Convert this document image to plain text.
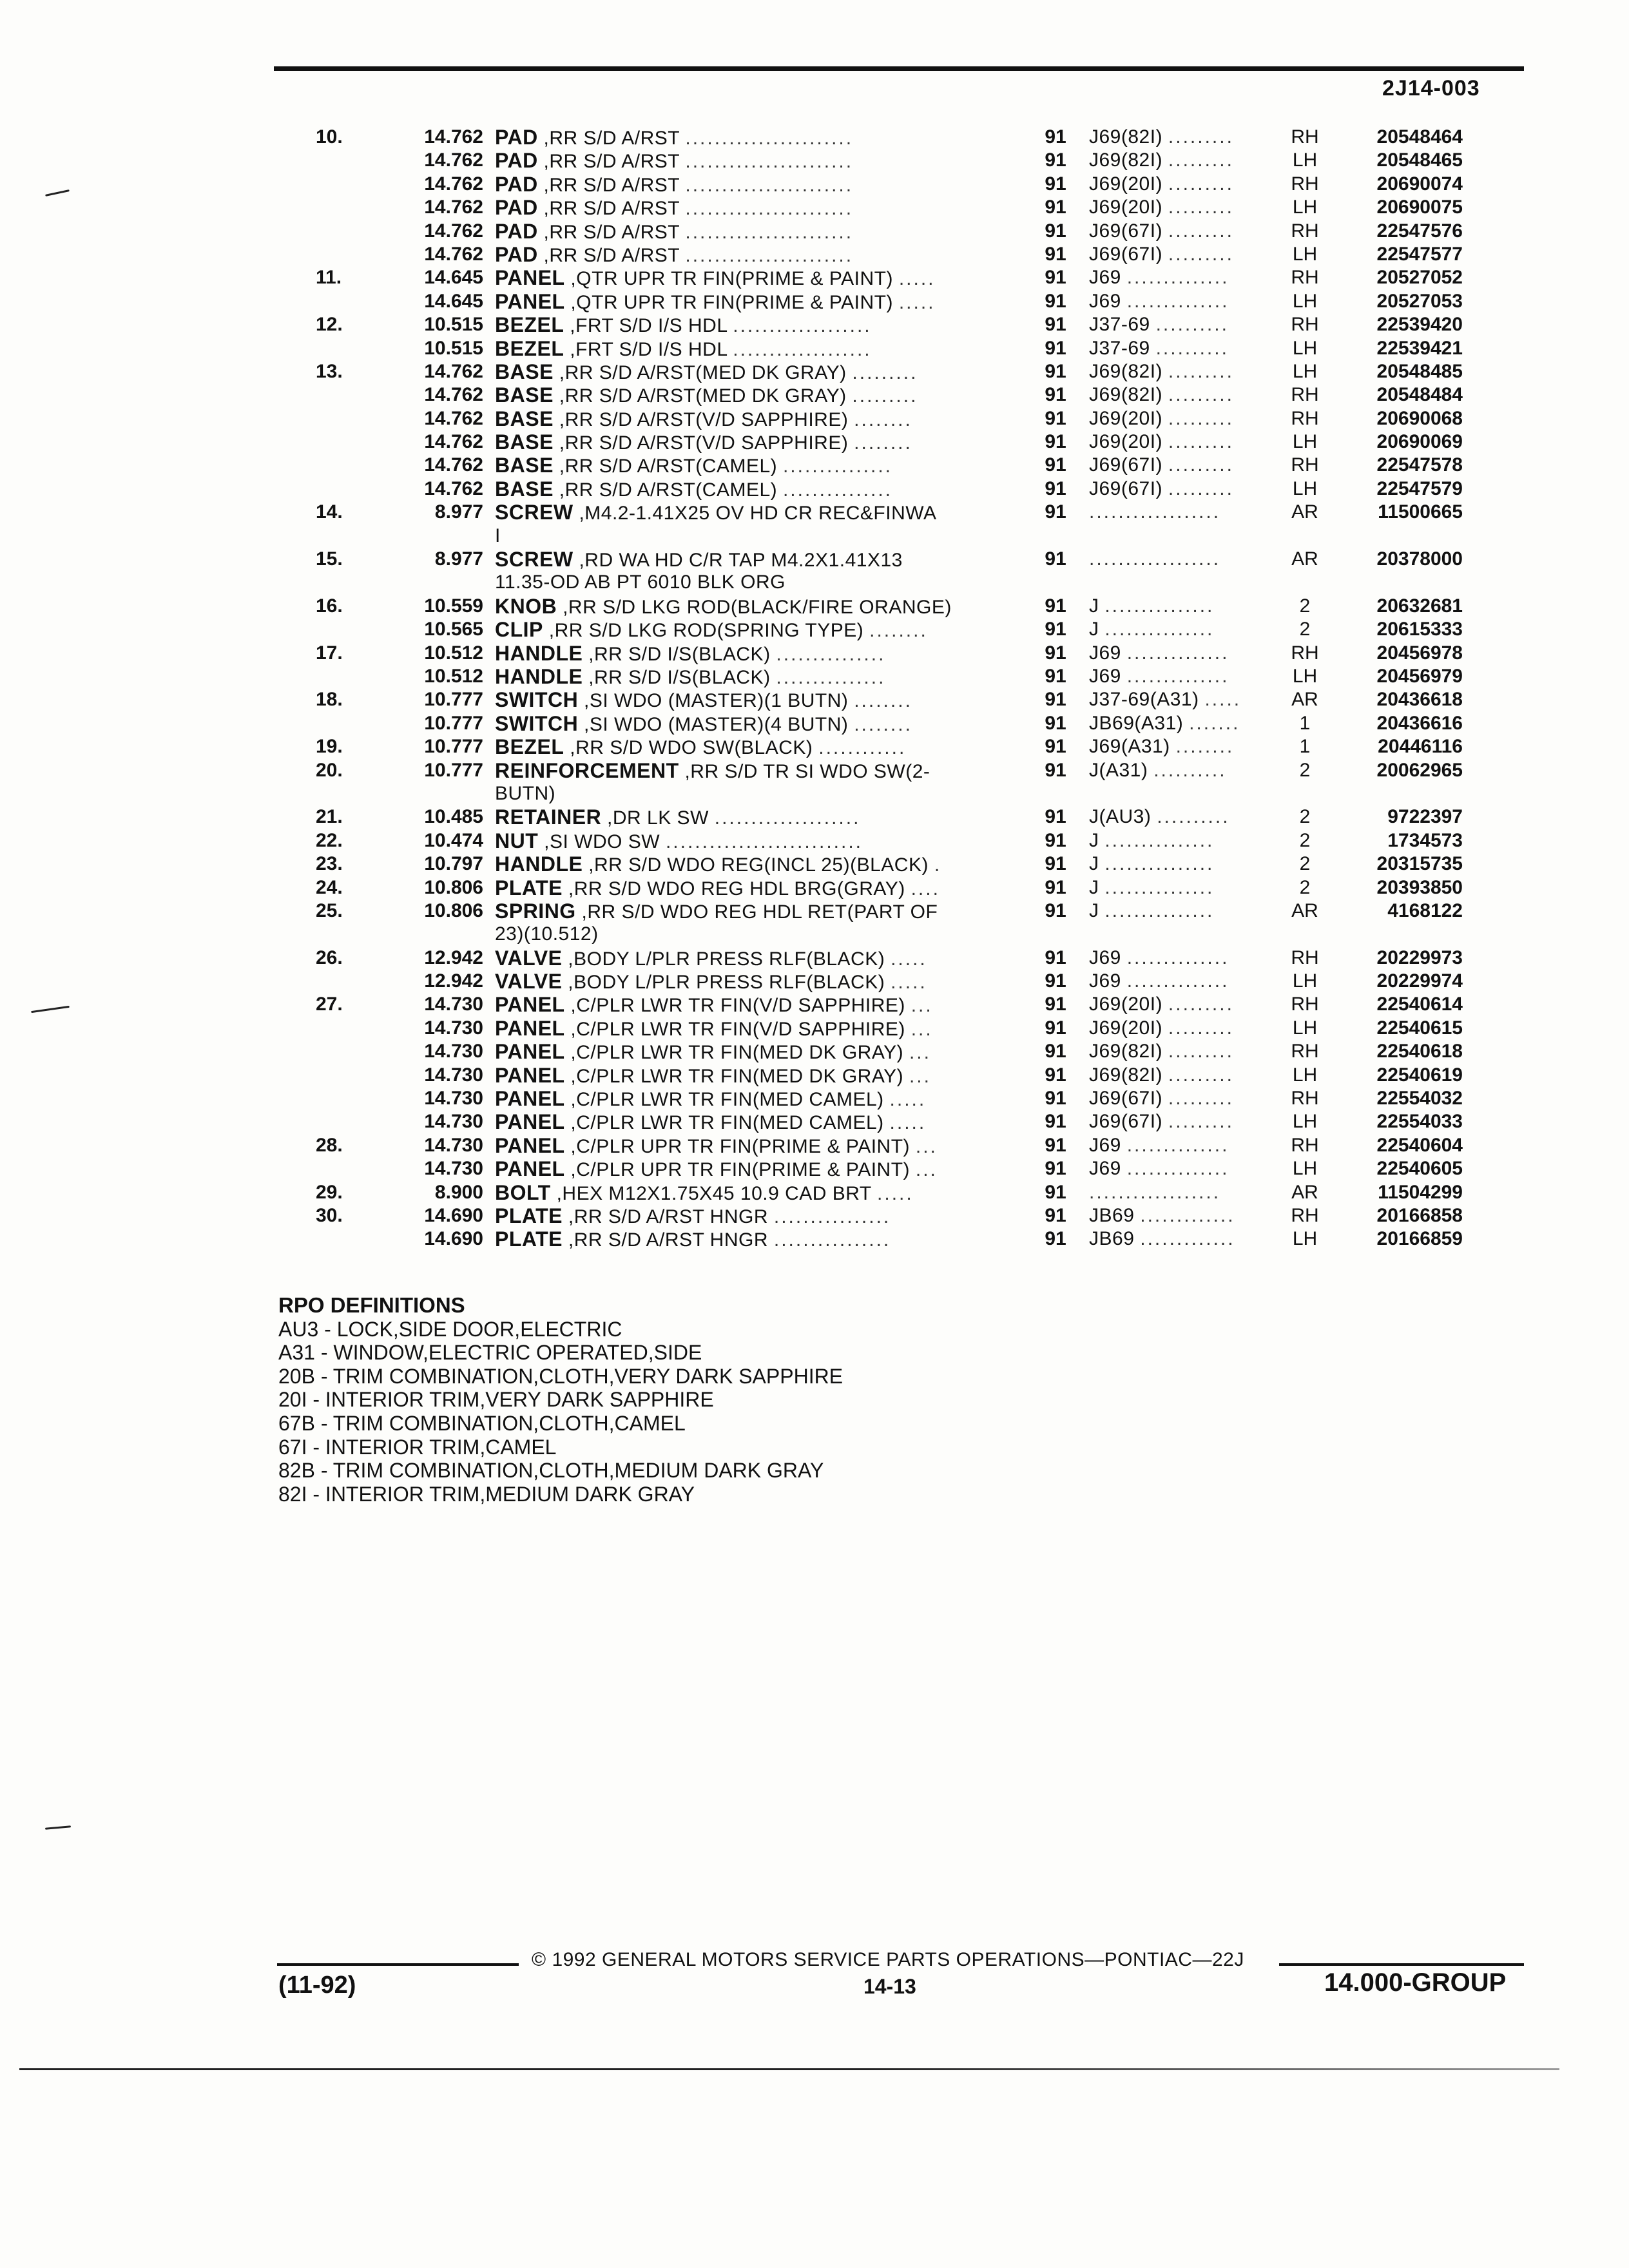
2J14-003
10.	14.762	PAD ,RR S/D A/RST .......................	91	J69(82I) .........	RH	20548464
	14.762	PAD ,RR S/D A/RST .......................	91	J69(82I) .........	LH	20548465
	14.762	PAD ,RR S/D A/RST .......................	91	J69(20I) .........	RH	20690074
	14.762	PAD ,RR S/D A/RST .......................	91	J69(20I) .........	LH	20690075
	14.762	PAD ,RR S/D A/RST .......................	91	J69(67I) .........	RH	22547576
	14.762	PAD ,RR S/D A/RST .......................	91	J69(67I) .........	LH	22547577
11.	14.645	PANEL ,QTR UPR TR FIN(PRIME & PAINT) .....	91	J69 ..............	RH	20527052
	14.645	PANEL ,QTR UPR TR FIN(PRIME & PAINT) .....	91	J69 ..............	LH	20527053
12.	10.515	BEZEL ,FRT S/D I/S HDL ...................	91	J37-69 ..........	RH	22539420
	10.515	BEZEL ,FRT S/D I/S HDL ...................	91	J37-69 ..........	LH	22539421
13.	14.762	BASE ,RR S/D A/RST(MED DK GRAY) .........	91	J69(82I) .........	LH	20548485
	14.762	BASE ,RR S/D A/RST(MED DK GRAY) .........	91	J69(82I) .........	RH	20548484
	14.762	BASE ,RR S/D A/RST(V/D SAPPHIRE) ........	91	J69(20I) .........	RH	20690068
	14.762	BASE ,RR S/D A/RST(V/D SAPPHIRE) ........	91	J69(20I) .........	LH	20690069
	14.762	BASE ,RR S/D A/RST(CAMEL) ...............	91	J69(67I) .........	RH	22547578
	14.762	BASE ,RR S/D A/RST(CAMEL) ...............	91	J69(67I) .........	LH	22547579
14.	8.977	SCREW ,M4.2-1.41X25 OV HD CR REC&FINWA	91	..................	AR	11500665
		I				
15.	8.977	SCREW ,RD WA HD C/R TAP M4.2X1.41X13	91	..................	AR	20378000
		11.35-OD AB PT 6010 BLK ORG				
16.	10.559	KNOB ,RR S/D LKG ROD(BLACK/FIRE ORANGE)	91	J ...............	2	20632681
	10.565	CLIP ,RR S/D LKG ROD(SPRING TYPE) ........	91	J ...............	2	20615333
17.	10.512	HANDLE ,RR S/D I/S(BLACK) ...............	91	J69 ..............	RH	20456978
	10.512	HANDLE ,RR S/D I/S(BLACK) ...............	91	J69 ..............	LH	20456979
18.	10.777	SWITCH ,SI WDO (MASTER)(1 BUTN) ........	91	J37-69(A31) .....	AR	20436618
	10.777	SWITCH ,SI WDO (MASTER)(4 BUTN) ........	91	JB69(A31) .......	1	20436616
19.	10.777	BEZEL ,RR S/D WDO SW(BLACK) ............	91	J69(A31) ........	1	20446116
20.	10.777	REINFORCEMENT ,RR S/D TR SI WDO SW(2-	91	J(A31) ..........	2	20062965
		BUTN)				
21.	10.485	RETAINER ,DR LK SW ....................	91	J(AU3) ..........	2	9722397
22.	10.474	NUT ,SI WDO SW ...........................	91	J ...............	2	1734573
23.	10.797	HANDLE ,RR S/D WDO REG(INCL 25)(BLACK) .	91	J ...............	2	20315735
24.	10.806	PLATE ,RR S/D WDO REG HDL BRG(GRAY) ....	91	J ...............	2	20393850
25.	10.806	SPRING ,RR S/D WDO REG HDL RET(PART OF	91	J ...............	AR	4168122
		23)(10.512)				
26.	12.942	VALVE ,BODY L/PLR PRESS RLF(BLACK) .....	91	J69 ..............	RH	20229973
	12.942	VALVE ,BODY L/PLR PRESS RLF(BLACK) .....	91	J69 ..............	LH	20229974
27.	14.730	PANEL ,C/PLR LWR TR FIN(V/D SAPPHIRE) ...	91	J69(20I) .........	RH	22540614
	14.730	PANEL ,C/PLR LWR TR FIN(V/D SAPPHIRE) ...	91	J69(20I) .........	LH	22540615
	14.730	PANEL ,C/PLR LWR TR FIN(MED DK GRAY) ...	91	J69(82I) .........	RH	22540618
	14.730	PANEL ,C/PLR LWR TR FIN(MED DK GRAY) ...	91	J69(82I) .........	LH	22540619
	14.730	PANEL ,C/PLR LWR TR FIN(MED CAMEL) .....	91	J69(67I) .........	RH	22554032
	14.730	PANEL ,C/PLR LWR TR FIN(MED CAMEL) .....	91	J69(67I) .........	LH	22554033
28.	14.730	PANEL ,C/PLR UPR TR FIN(PRIME & PAINT) ...	91	J69 ..............	RH	22540604
	14.730	PANEL ,C/PLR UPR TR FIN(PRIME & PAINT) ...	91	J69 ..............	LH	22540605
29.	8.900	BOLT ,HEX M12X1.75X45 10.9 CAD BRT .....	91	..................	AR	11504299
30.	14.690	PLATE ,RR S/D A/RST HNGR ................	91	JB69 .............	RH	20166858
	14.690	PLATE ,RR S/D A/RST HNGR ................	91	JB69 .............	LH	20166859
RPO DEFINITIONS
AU3 - LOCK,SIDE DOOR,ELECTRIC
A31 - WINDOW,ELECTRIC OPERATED,SIDE
20B - TRIM COMBINATION,CLOTH,VERY DARK SAPPHIRE
20I - INTERIOR TRIM,VERY DARK SAPPHIRE
67B - TRIM COMBINATION,CLOTH,CAMEL
67I - INTERIOR TRIM,CAMEL
82B - TRIM COMBINATION,CLOTH,MEDIUM DARK GRAY
82I - INTERIOR TRIM,MEDIUM DARK GRAY
© 1992 GENERAL MOTORS SERVICE PARTS OPERATIONS—PONTIAC—22J
(11-92)	14-13	14.000-GROUP
